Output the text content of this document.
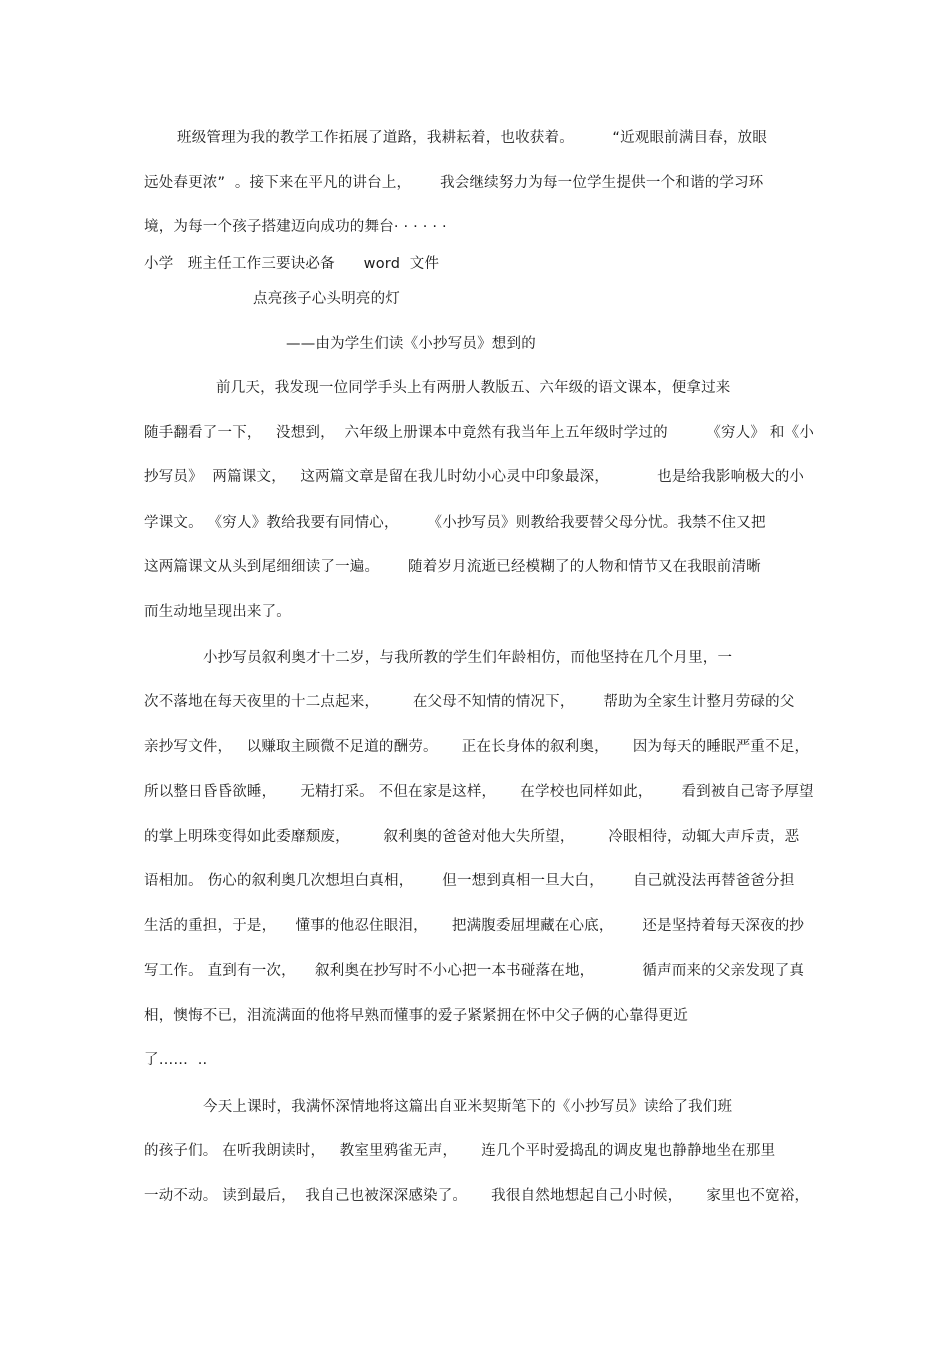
班级管理为我的教学工作拓展了道路，我耕耘着，也收获着。        “近观眼前满目春，放眼
远处春更浓”  。接下来在平凡的讲台上，      我会继续努力为每一位学生提供一个和谐的学习环
境，为每一个孩子搭建迈向成功的舞台· · · · · ·
小学   班主任工作三要诀必备      word  文件
点亮孩子心头明亮的灯
——由为学生们读《小抄写员》想到的
前几天，我发现一位同学手头上有两册人教版五、六年级的语文课本，便拿过来
随手翻看了一下，   没想到，  六年级上册课本中竟然有我当年上五年级时学过的        《穷人》 和《小
抄写员》  两篇课文，   这两篇文章是留在我儿时幼小心灵中印象最深，          也是给我影响极大的小
学课文。 《穷人》教给我要有同情心，      《小抄写员》则教给我要替父母分忧。我禁不住又把
这两篇课文从头到尾细细读了一遍。      随着岁月流逝已经模糊了的人物和情节又在我眼前清晰
而生动地呈现出来了。
小抄写员叙利奥才十二岁，与我所教的学生们年龄相仿，而他坚持在几个月里，一
次不落地在每天夜里的十二点起来，       在父母不知情的情况下，      帮助为全家生计整月劳碌的父
亲抄写文件，   以赚取主顾微不足道的酬劳。     正在长身体的叙利奥，     因为每天的睡眠严重不足，
所以整日昏昏欲睡，     无精打采。 不但在家是这样，     在学校也同样如此，      看到被自己寄予厚望
的掌上明珠变得如此委靡颓废，       叙利奥的爸爸对他大失所望，       冷眼相待，动辄大声斥责，恶
语相加。 伤心的叙利奥几次想坦白真相，      但一想到真相一旦大白，      自己就没法再替爸爸分担
生活的重担，于是，    懂事的他忍住眼泪，     把满腹委屈埋藏在心底，      还是坚持着每天深夜的抄
写工作。 直到有一次，    叙利奥在抄写时不小心把一本书碰落在地，          循声而来的父亲发现了真
相，懊悔不已，泪流满面的他将早熟而懂事的爱子紧紧拥在怀中父子俩的心靠得更近
了……  ..
今天上课时，我满怀深情地将这篇出自亚米契斯笔下的《小抄写员》读给了我们班
的孩子们。 在听我朗读时，   教室里鸦雀无声，     连几个平时爱捣乱的调皮鬼也静静地坐在那里
一动不动。 读到最后，  我自己也被深深感染了。     我很自然地想起自己小时候，     家里也不宽裕，
